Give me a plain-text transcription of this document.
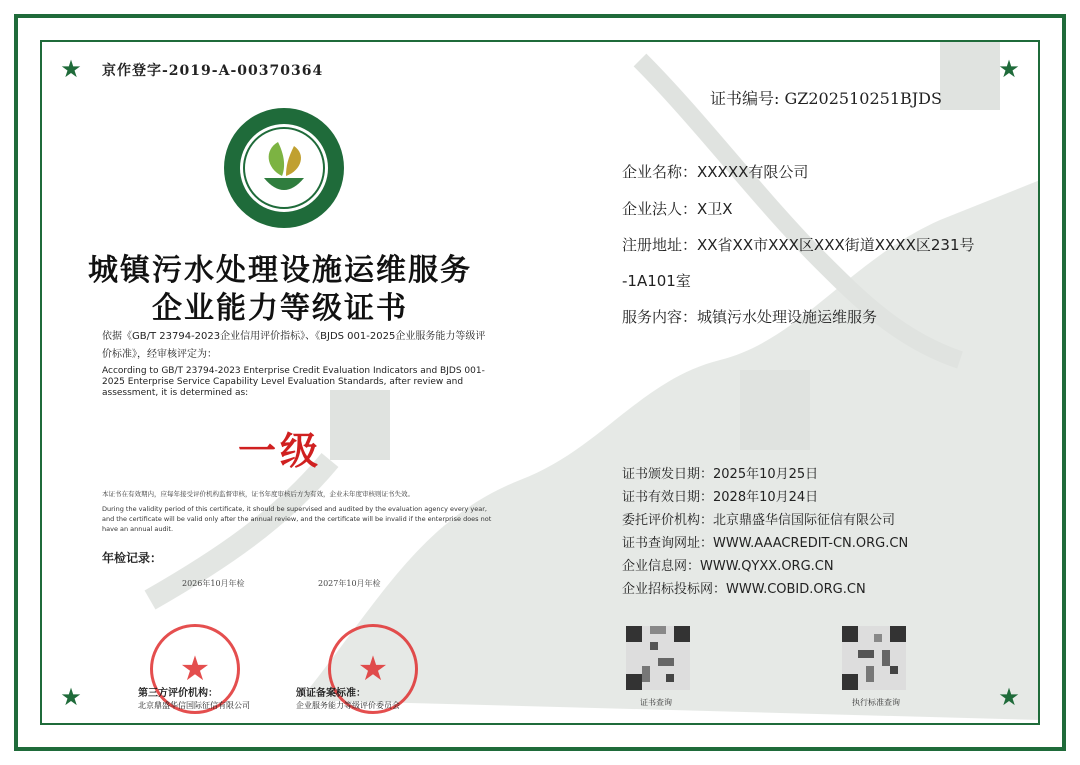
★	★
★	★
京作登字-2019-A-00370364
证书编号: GZ202510251BJDS
城镇污水处理设施运维服务
企业能力等级证书
依据《GB/T 23794-2023企业信用评价指标》、《BJDS 001-2025企业服务能力等级评价标准》，经审核评定为：
According to GB/T 23794-2023 Enterprise Credit Evaluation Indicators and BJDS 001-2025 Enterprise Service Capability Level Evaluation Standards, after review and assessment, it is determined as:
一级
本证书在有效期内，应每年接受评价机构监督审核，证书年度审核后方为有效，企业未年度审核则证书失效。
During the validity period of this certificate, it should be supervised and audited by the evaluation agency every year, and the certificate will be valid only after the annual review, and the certificate will be invalid if the enterprise does not have an annual audit.
年检记录：
2026年10月年检	2027年10月年检
★	★
第三方评价机构：
北京鼎盛华信国际征信有限公司
颁证备案标准：
企业服务能力等级评价委员会
企业名称：XXXXX有限公司
企业法人：X卫X
注册地址：XX省XX市XXX区XXX街道XXXX区231号
-1A101室
服务内容：城镇污水处理设施运维服务
证书颁发日期：2025年10月25日
证书有效日期：2028年10月24日
委托评价机构：北京鼎盛华信国际征信有限公司
证书查询网址：WWW.AAACREDIT-CN.ORG.CN
企业信息网：WWW.QYXX.ORG.CN
企业招标投标网：WWW.COBID.ORG.CN
证书查询	执行标准查询
